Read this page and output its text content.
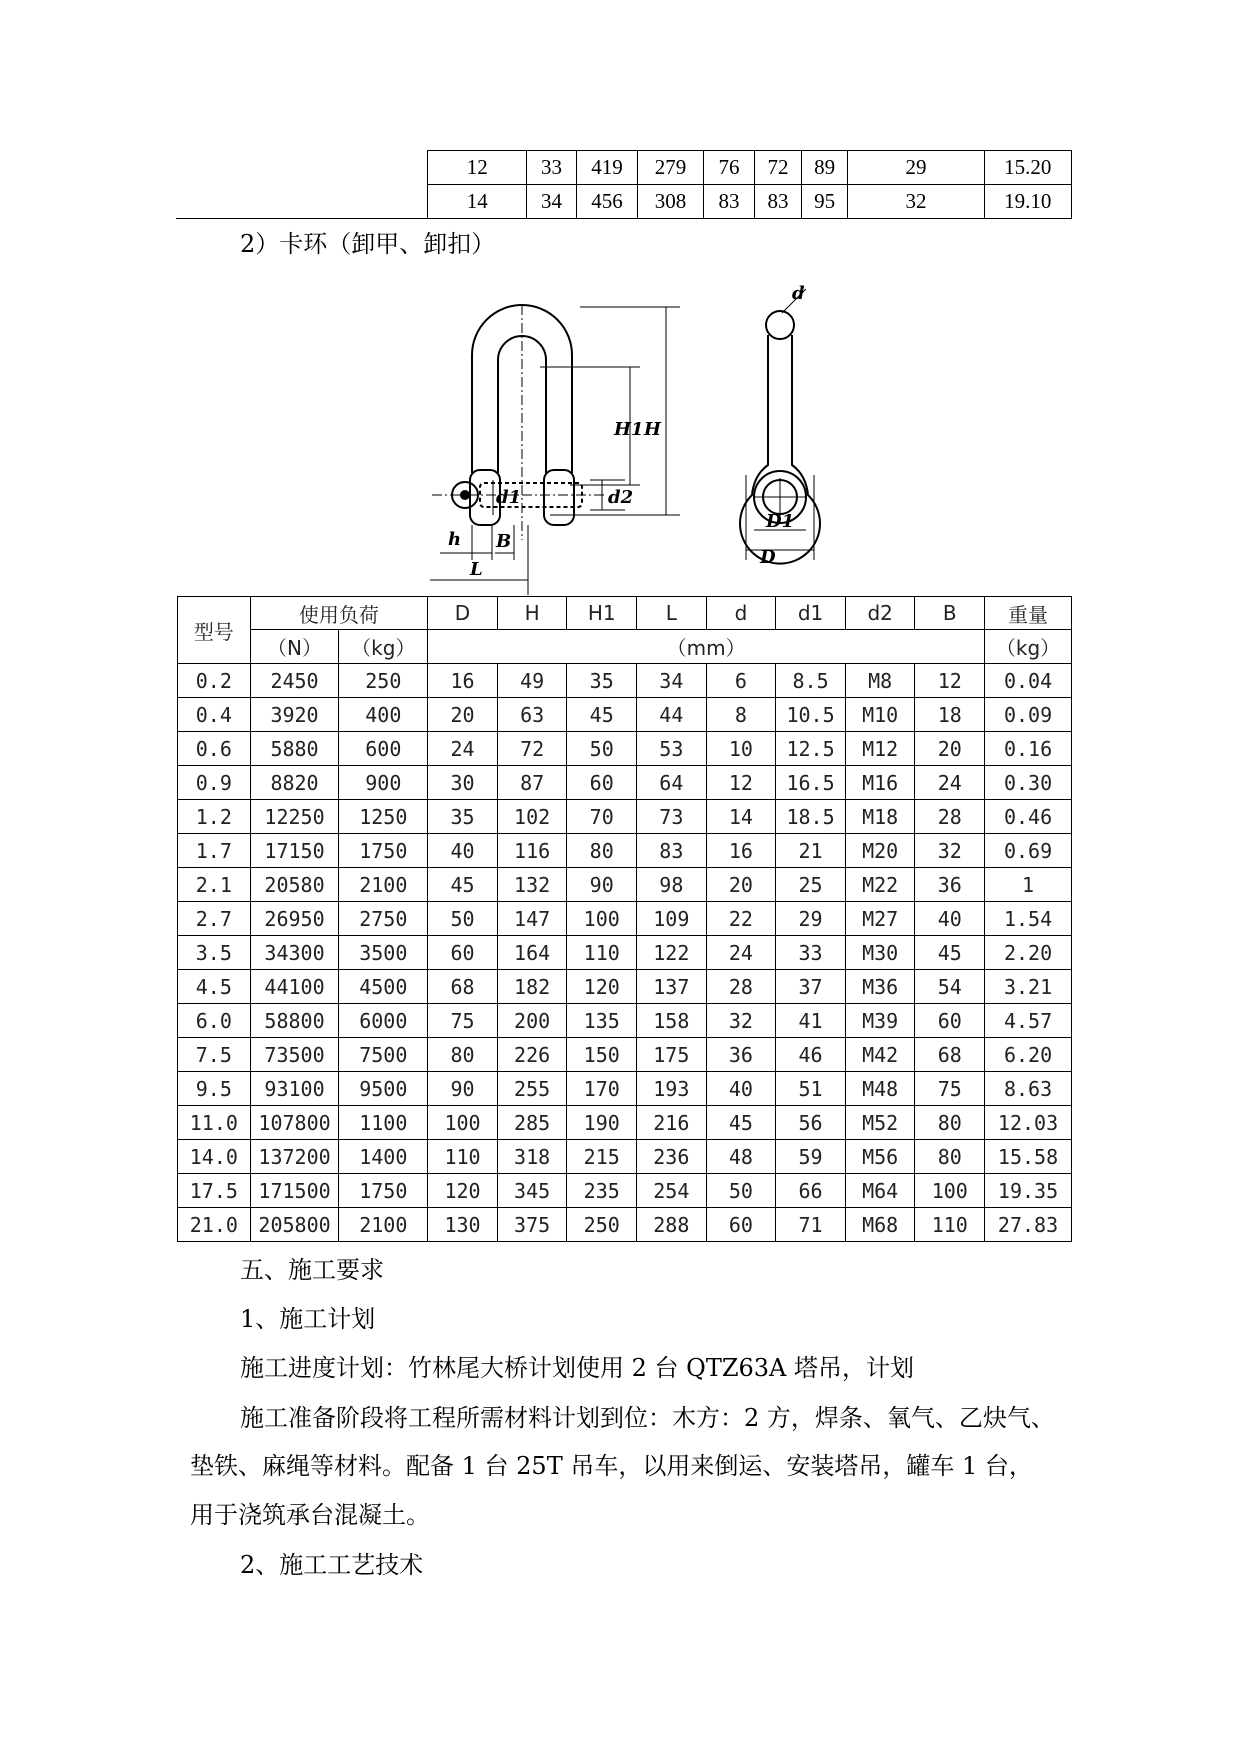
	12	33	419	279	76	72	89	29	15.20
	14	34	456	308	83	83	95	32	19.10
2）卡环（卸甲、卸扣）
d
H1 H
d2
d1
h B
L
D1
D
型号	使用负荷		D	H	H1	L	d	d1	d2	B	重量
	（N）	（kg）	（mm）								（kg）
0.2	2450	250	16	49	35	34	6	8.5	M8	12	0.04
0.4	3920	400	20	63	45	44	8	10.5	M10	18	0.09
0.6	5880	600	24	72	50	53	10	12.5	M12	20	0.16
0.9	8820	900	30	87	60	64	12	16.5	M16	24	0.30
1.2	12250	1250	35	102	70	73	14	18.5	M18	28	0.46
1.7	17150	1750	40	116	80	83	16	21	M20	32	0.69
2.1	20580	2100	45	132	90	98	20	25	M22	36	1
2.7	26950	2750	50	147	100	109	22	29	M27	40	1.54
3.5	34300	3500	60	164	110	122	24	33	M30	45	2.20
4.5	44100	4500	68	182	120	137	28	37	M36	54	3.21
6.0	58800	6000	75	200	135	158	32	41	M39	60	4.57
7.5	73500	7500	80	226	150	175	36	46	M42	68	6.20
9.5	93100	9500	90	255	170	193	40	51	M48	75	8.63
11.0	107800	1100	100	285	190	216	45	56	M52	80	12.03
14.0	137200	1400	110	318	215	236	48	59	M56	80	15.58
17.5	171500	1750	120	345	235	254	50	66	M64	100	19.35
21.0	205800	2100	130	375	250	288	60	71	M68	110	27.83
五、施工要求
1、施工计划
施工进度计划：竹林尾大桥计划使用 2 台 QTZ63A 塔吊，计划
施工准备阶段将工程所需材料计划到位：木方：2 方，焊条、氧气、乙炔气、
垫铁、麻绳等材料。配备 1 台 25T 吊车，以用来倒运、安装塔吊，罐车 1 台，
用于浇筑承台混凝土。
2、施工工艺技术
